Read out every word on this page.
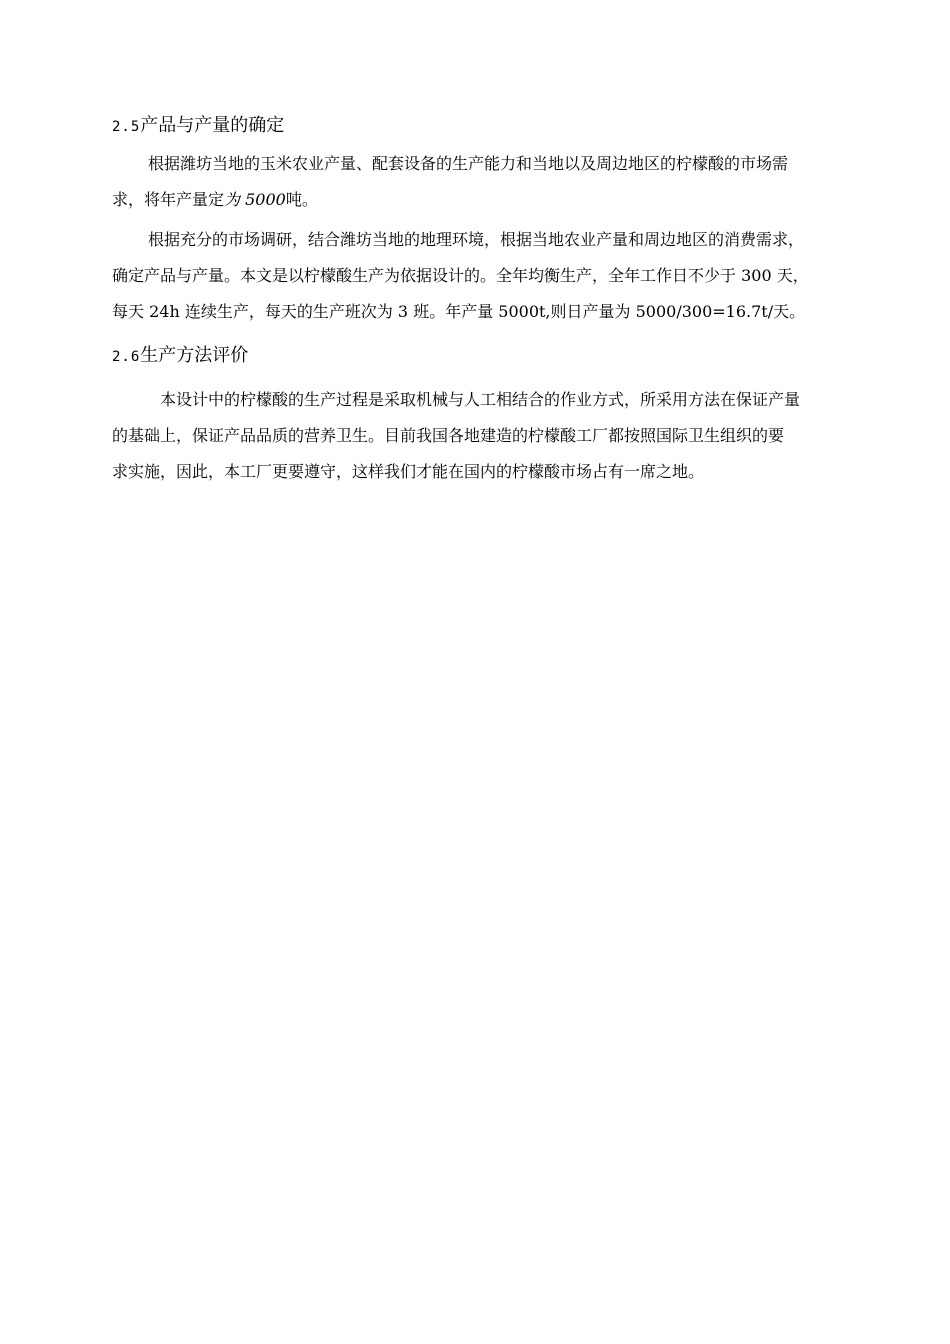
2.5产品与产量的确定

根据潍坊当地的玉米农业产量、配套设备的生产能力和当地以及周边地区的柠檬酸的市场需
求，将年产量定为 5000吨。

根据充分的市场调研，结合潍坊当地的地理环境，根据当地农业产量和周边地区的消费需求，
确定产品与产量。本文是以柠檬酸生产为依据设计的。全年均衡生产，全年工作日不少于 300 天，
每天 24h 连续生产，每天的生产班次为 3 班。年产量 5000t,则日产量为 5000/300=16.7t/天。

2.6生产方法评价

本设计中的柠檬酸的生产过程是采取机械与人工相结合的作业方式，所采用方法在保证产量
的基础上，保证产品品质的营养卫生。目前我国各地建造的柠檬酸工厂都按照国际卫生组织的要
求实施，因此，本工厂更要遵守，这样我们才能在国内的柠檬酸市场占有一席之地。
